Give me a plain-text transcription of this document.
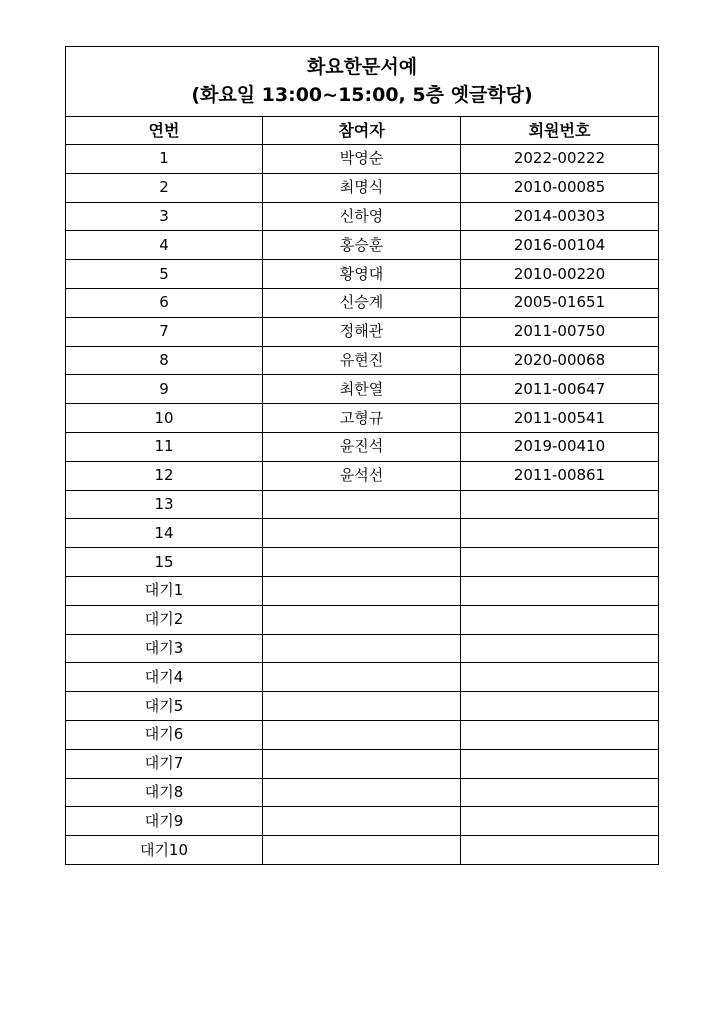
화요한문서예
(화요일 13:00~15:00, 5층 옛글학당)		

연번	참여자	회원번호
1	박영순	2022-00222
2	최명식	2010-00085
3	신하영	2014-00303
4	홍승훈	2016-00104
5	황영대	2010-00220
6	신승계	2005-01651
7	정해관	2011-00750
8	유현진	2020-00068
9	최한열	2011-00647
10	고형규	2011-00541
11	윤진석	2019-00410
12	윤석선	2011-00861
13		
14		
15		
대기1		
대기2		
대기3		
대기4		
대기5		
대기6		
대기7		
대기8		
대기9		
대기10		
